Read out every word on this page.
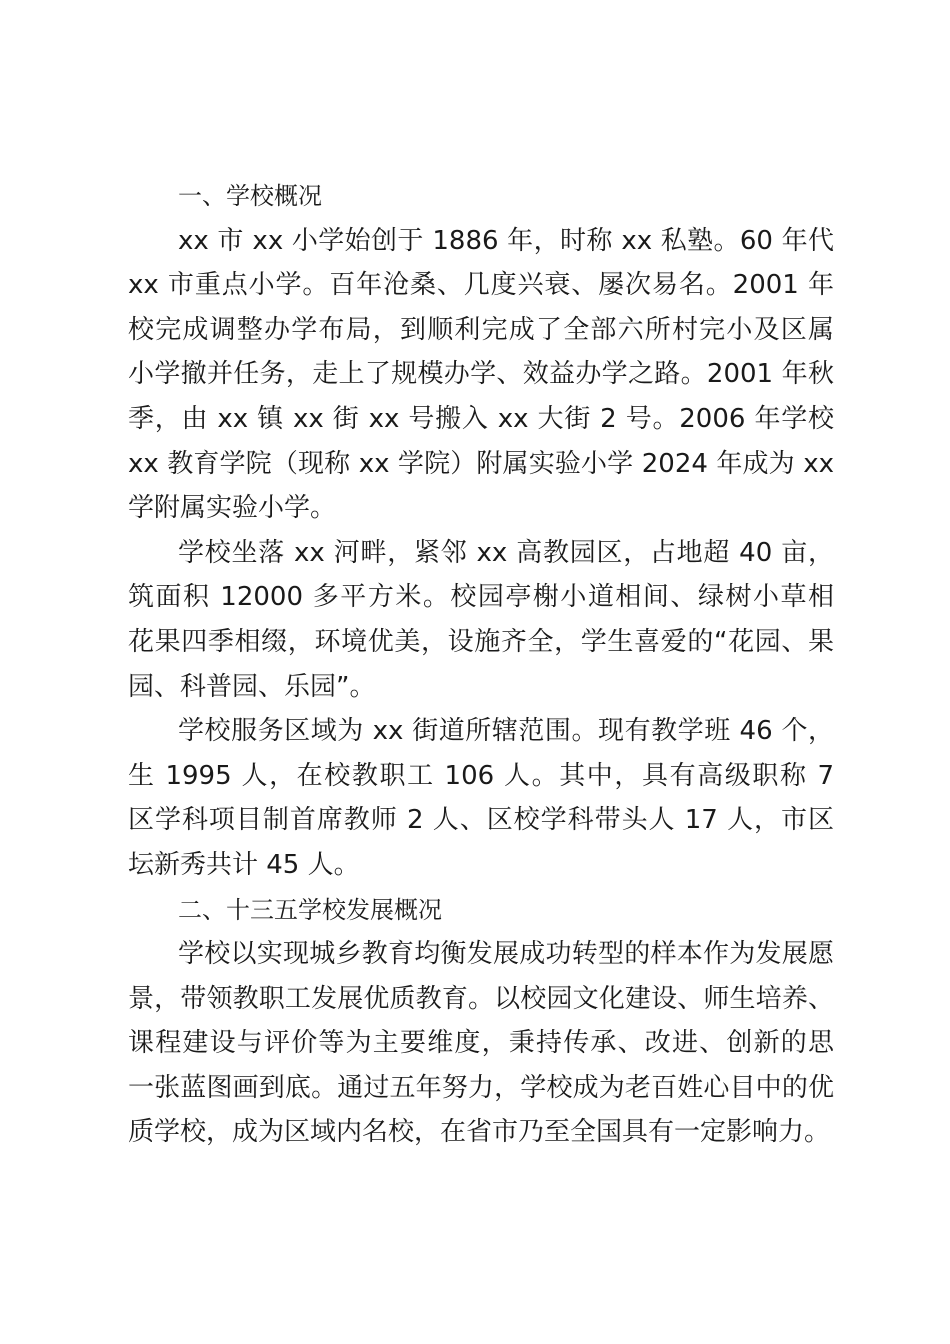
一、学校概况
xx 市 xx 小学始创于 1886 年，时称 xx 私塾。60 年代
xx 市重点小学。百年沧桑、几度兴衰、屡次易名。2001 年
校完成调整办学布局，到顺利完成了全部六所村完小及区属
小学撤并任务，走上了规模办学、效益办学之路。2001 年秋
季，由 xx 镇 xx 街 xx 号搬入 xx 大街 2 号。2006 年学校
xx 教育学院（现称 xx 学院）附属实验小学 2024 年成为 xx
学附属实验小学。
学校坐落 xx 河畔，紧邻 xx 高教园区，占地超 40 亩，
筑面积 12000 多平方米。校园亭榭小道相间、绿树小草相
花果四季相缀，环境优美，设施齐全，学生喜爱的“花园、果
园、科普园、乐园”。
学校服务区域为 xx 街道所辖范围。现有教学班 46 个，
生 1995 人，在校教职工 106 人。其中，具有高级职称 7
区学科项目制首席教师 2 人、区校学科带头人 17 人，市区
坛新秀共计 45 人。
二、十三五学校发展概况
学校以实现城乡教育均衡发展成功转型的样本作为发展愿
景，带领教职工发展优质教育。以校园文化建设、师生培养、
课程建设与评价等为主要维度，秉持传承、改进、创新的思
一张蓝图画到底。通过五年努力，学校成为老百姓心目中的优
质学校，成为区域内名校，在省市乃至全国具有一定影响力。
